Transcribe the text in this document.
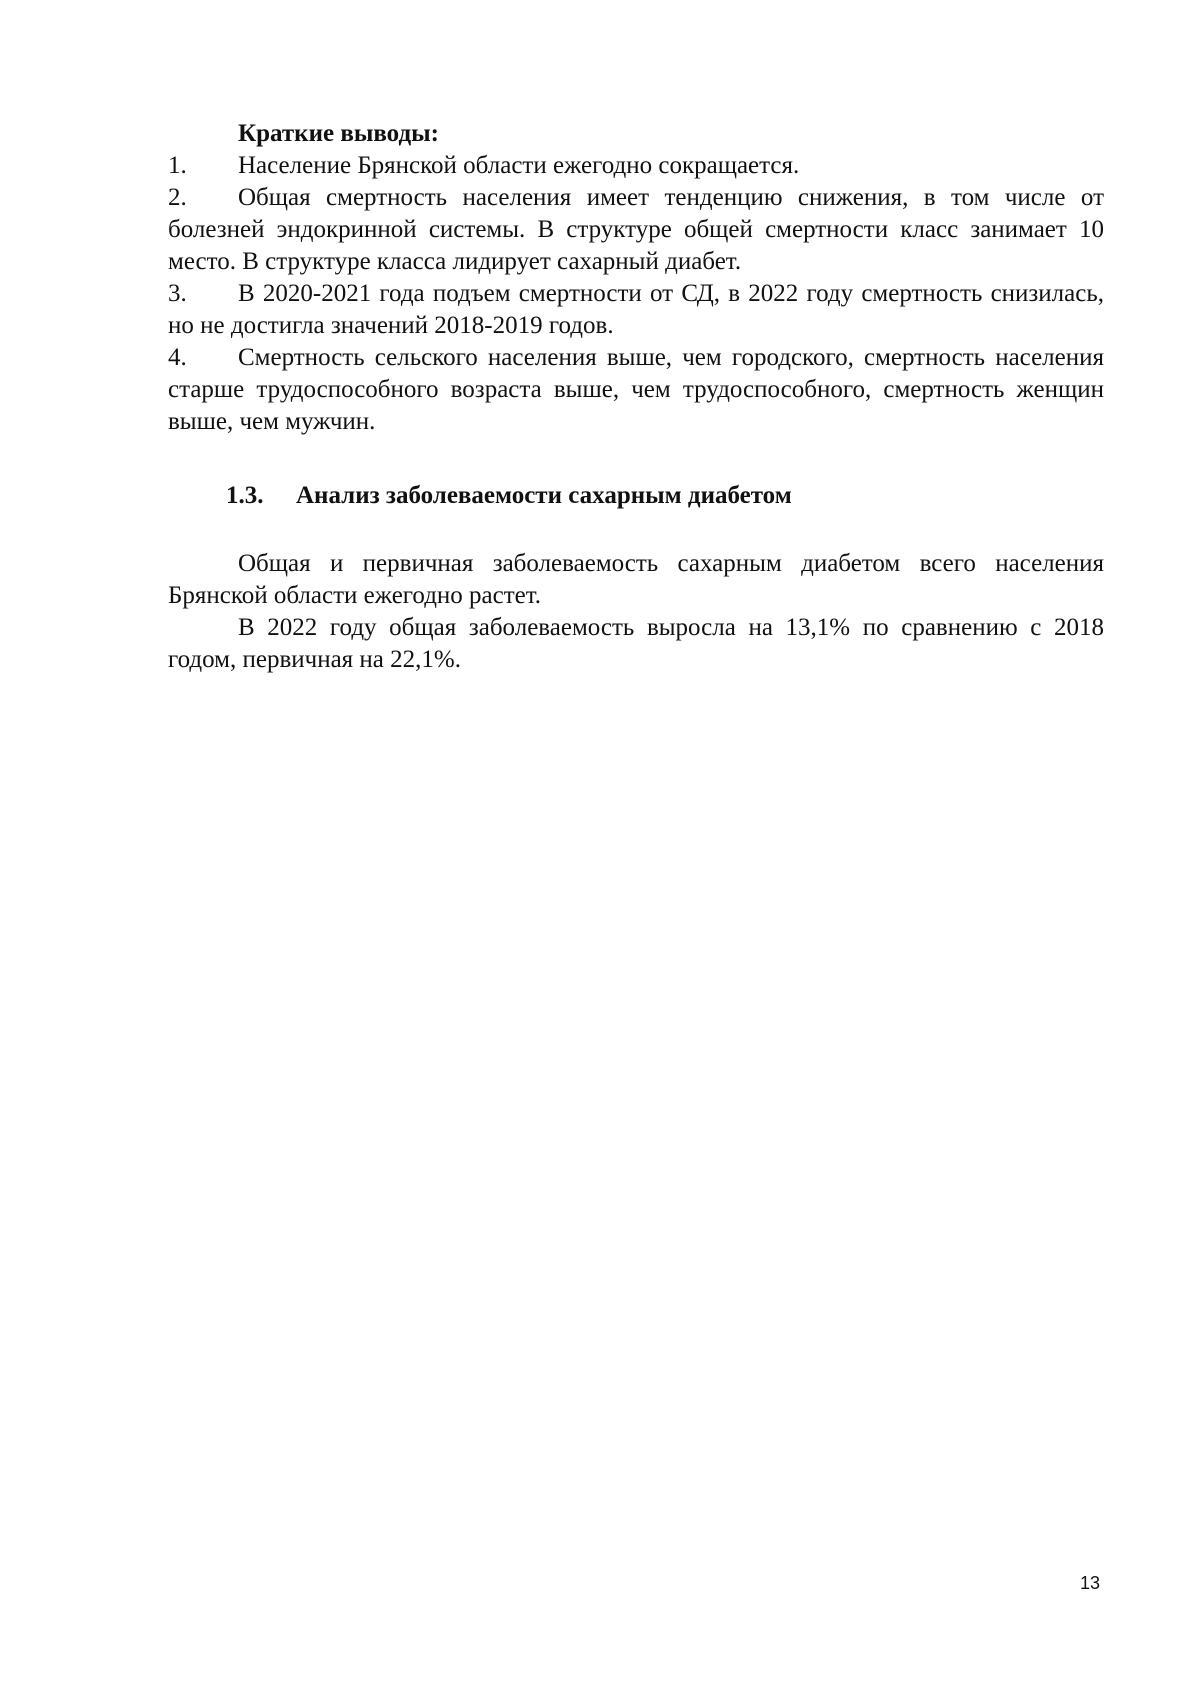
Краткие выводы:

1. Население Брянской области ежегодно сокращается.

2. Общая смертность населения имеет тенденцию снижения, в том числе от болезней эндокринной системы. В структуре общей смертности класс занимает 10 место. В структуре класса лидирует сахарный диабет.

3. В 2020-2021 года подъем смертности от СД, в 2022 году смертность снизилась, но не достигла значений 2018-2019 годов.

4. Смертность сельского населения выше, чем городского, смертность населения старше трудоспособного возраста выше, чем трудоспособного, смертность женщин выше, чем мужчин.

1.3. Анализ заболеваемости сахарным диабетом

Общая и первичная заболеваемость сахарным диабетом всего населения Брянской области ежегодно растет.

В 2022 году общая заболеваемость выросла на 13,1% по сравнению с 2018 годом, первичная на 22,1%.

13
